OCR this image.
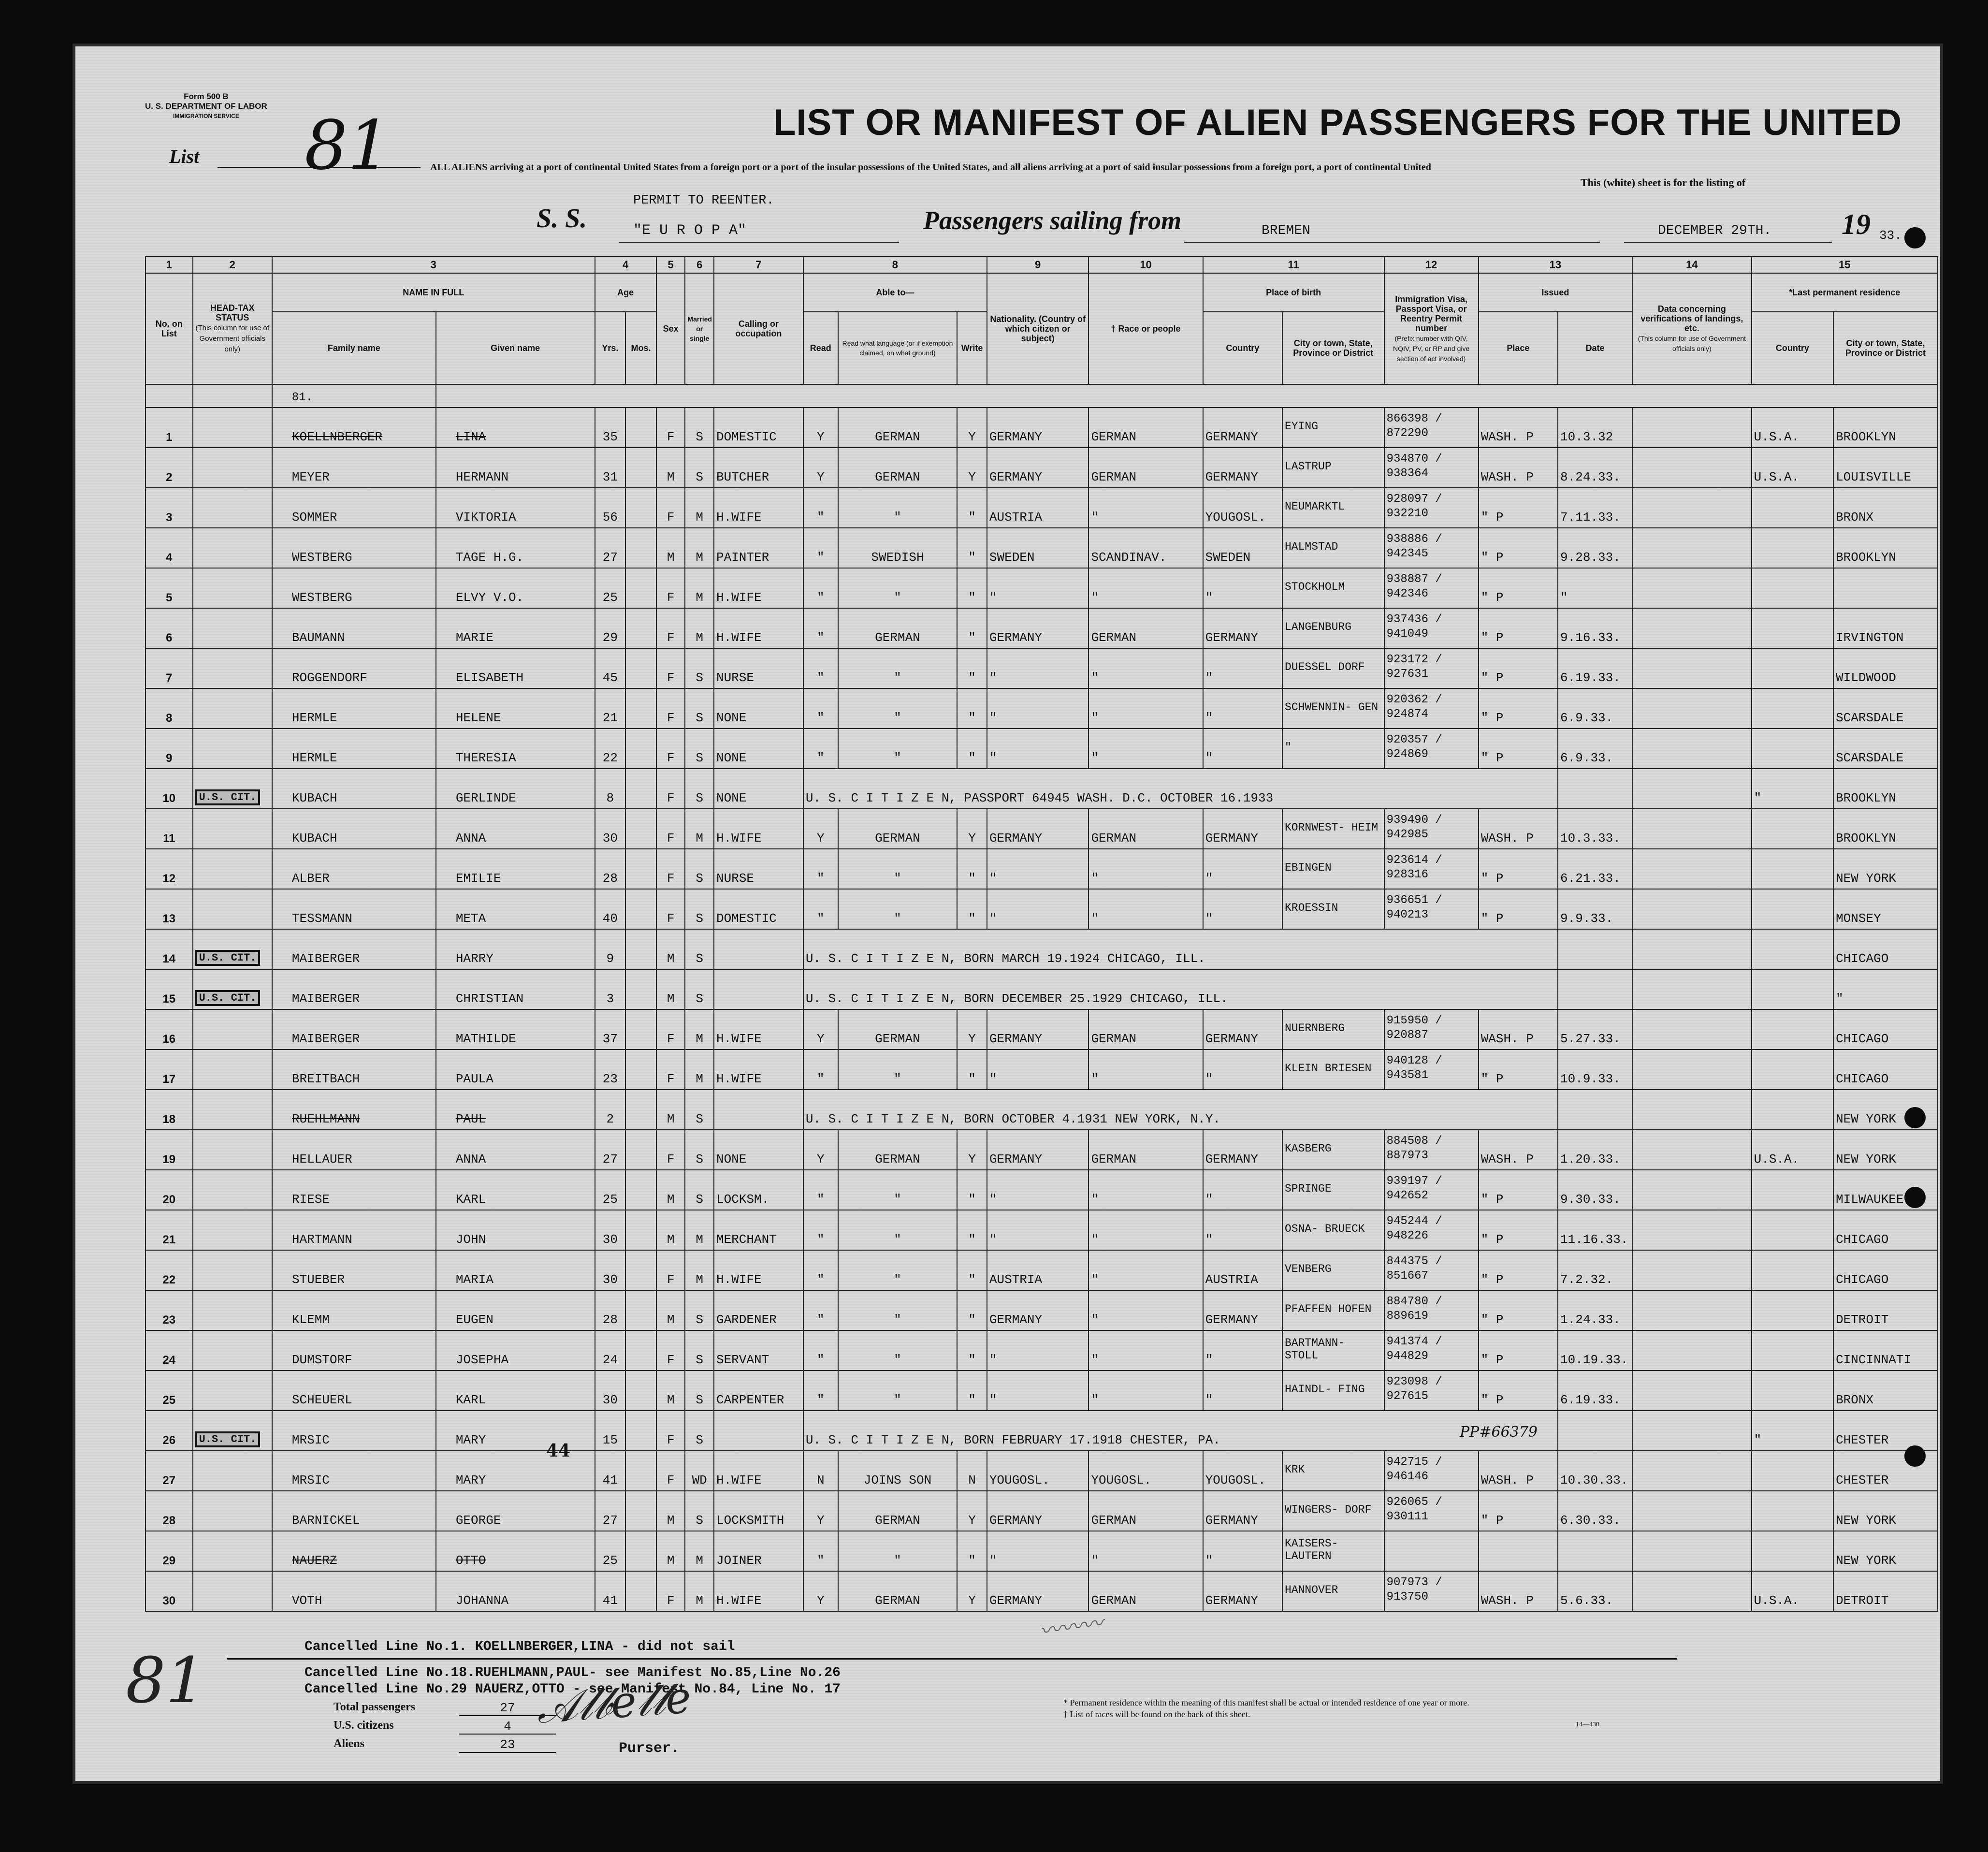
Form 500 B
U. S. DEPARTMENT OF LABOR
IMMIGRATION SERVICE
List 81	LIST OR MANIFEST OF ALIEN PASSENGERS FOR THE UNITED
ALL ALIENS arriving at a port of continental United States from a foreign port or a port of the insular possessions of the United States, and all aliens arriving at a port of said insular possessions from a foreign port, a port of continental United
This (white) sheet is for the listing of
S. S.
PERMIT TO REENTER.
"E U R O P A"	Passengers sailing from	BREMEN	DECEMBER 29TH. 19 33.
1	2	3		4		5	6	7	8			9	10	11		12	13		14	15	
No. on List	HEAD-TAX STATUS
(This column for use of Government officials only)	NAME IN FULL		Age		Sex	Married or single	Calling or occupation	Able to—			Nationality. (Country of which citizen or subject)	† Race or people	Place of birth		Immigration Visa, Passport Visa, or Reentry Permit number
(Prefix number with QIV, NQIV, PV, or RP and give section of act involved)	Issued		Data concerning verifications of landings, etc.
(This column for use of Government officials only)	*Last permanent residence	
		Family name	Given name	Yrs.	Mos.				Read	Read what language (or if exemption claimed, on what ground)	Write			Country	City or town, State, Province or District		Place	Date		Country	City or town, State, Province or District
		81.																			
1		KOELLNBERGER	LINA	35		F	S	DOMESTIC	Y	GERMAN	Y	GERMANY	GERMAN	GERMANY	EYING	866398 / 872290	WASH. P	10.3.32		U.S.A.	BROOKLYN
2		MEYER	HERMANN	31		M	S	BUTCHER	Y	GERMAN	Y	GERMANY	GERMAN	GERMANY	LASTRUP	934870 / 938364	WASH. P	8.24.33.		U.S.A.	LOUISVILLE
3		SOMMER	VIKTORIA	56		F	M	H.WIFE	"	"	"	AUSTRIA	"	YOUGOSL.	NEUMARKTL	928097 / 932210	" P	7.11.33.			BRONX
4		WESTBERG	TAGE H.G.	27		M	M	PAINTER	"	SWEDISH	"	SWEDEN	SCANDINAV.	SWEDEN	HALMSTAD	938886 / 942345	" P	9.28.33.			BROOKLYN
5		WESTBERG	ELVY V.O.	25		F	M	H.WIFE	"	"	"	"	"	"	STOCKHOLM	938887 / 942346	" P	"			
6		BAUMANN	MARIE	29		F	M	H.WIFE	"	GERMAN	"	GERMANY	GERMAN	GERMANY	LANGENBURG	937436 / 941049	" P	9.16.33.			IRVINGTON
7		ROGGENDORF	ELISABETH	45		F	S	NURSE	"	"	"	"	"	"	DUESSEL DORF	923172 / 927631	" P	6.19.33.			WILDWOOD
8		HERMLE	HELENE	21		F	S	NONE	"	"	"	"	"	"	SCHWENNIN- GEN	920362 / 924874	" P	6.9.33.			SCARSDALE
9		HERMLE	THERESIA	22		F	S	NONE	"	"	"	"	"	"	"	920357 / 924869	" P	6.9.33.			SCARSDALE
10	U.S. CIT.	KUBACH	GERLINDE	8		F	S	NONE	U. S. C I T I Z E N, PASSPORT 64945 WASH. D.C. OCTOBER 16.1933											"	BROOKLYN
11		KUBACH	ANNA	30		F	M	H.WIFE	Y	GERMAN	Y	GERMANY	GERMAN	GERMANY	KORNWEST- HEIM	939490 / 942985	WASH. P	10.3.33.			BROOKLYN
12		ALBER	EMILIE	28		F	S	NURSE	"	"	"	"	"	"	EBINGEN	923614 / 928316	" P	6.21.33.			NEW YORK
13		TESSMANN	META	40		F	S	DOMESTIC	"	"	"	"	"	"	KROESSIN	936651 / 940213	" P	9.9.33.			MONSEY
14	U.S. CIT.	MAIBERGER	HARRY	9		M	S		U. S. C I T I Z E N, BORN MARCH 19.1924 CHICAGO, ILL.												CHICAGO
15	U.S. CIT.	MAIBERGER	CHRISTIAN	3		M	S		U. S. C I T I Z E N, BORN DECEMBER 25.1929 CHICAGO, ILL.												"
16		MAIBERGER	MATHILDE	37		F	M	H.WIFE	Y	GERMAN	Y	GERMANY	GERMAN	GERMANY	NUERNBERG	915950 / 920887	WASH. P	5.27.33.			CHICAGO
17		BREITBACH	PAULA	23		F	M	H.WIFE	"	"	"	"	"	"	KLEIN BRIESEN	940128 / 943581	" P	10.9.33.			CHICAGO
18		RUEHLMANN	PAUL	2		M	S		U. S. C I T I Z E N, BORN OCTOBER 4.1931 NEW YORK, N.Y.												NEW YORK
19		HELLAUER	ANNA	27		F	S	NONE	Y	GERMAN	Y	GERMANY	GERMAN	GERMANY	KASBERG	884508 / 887973	WASH. P	1.20.33.		U.S.A.	NEW YORK
20		RIESE	KARL	25		M	S	LOCKSM.	"	"	"	"	"	"	SPRINGE	939197 / 942652	" P	9.30.33.			MILWAUKEE
21		HARTMANN	JOHN	30		M	M	MERCHANT	"	"	"	"	"	"	OSNA- BRUECK	945244 / 948226	" P	11.16.33.			CHICAGO
22		STUEBER	MARIA	30		F	M	H.WIFE	"	"	"	AUSTRIA	"	AUSTRIA	VENBERG	844375 / 851667	" P	7.2.32.			CHICAGO
23		KLEMM	EUGEN	28		M	S	GARDENER	"	"	"	GERMANY	"	GERMANY	PFAFFEN HOFEN	884780 / 889619	" P	1.24.33.			DETROIT
24		DUMSTORF	JOSEPHA	24		F	S	SERVANT	"	"	"	"	"	"	BARTMANN- STOLL	941374 / 944829	" P	10.19.33.			CINCINNATI
25		SCHEUERL	KARL	30		M	S	CARPENTER	"	"	"	"	"	"	HAINDL- FING	923098 / 927615	" P	6.19.33.			BRONX
26	U.S. CIT.	MRSIC	MARY	15		F	S		U. S. C I T I Z E N, BORN FEBRUARY 17.1918 CHESTER, PA.											"	CHESTER
27		MRSIC	MARY	41		F	WD	H.WIFE	N	JOINS SON	N	YOUGOSL.	YOUGOSL.	YOUGOSL.	KRK	942715 / 946146	WASH. P	10.30.33.			CHESTER
28		BARNICKEL	GEORGE	27		M	S	LOCKSMITH	Y	GERMAN	Y	GERMANY	GERMAN	GERMANY	WINGERS- DORF	926065 / 930111	" P	6.30.33.			NEW YORK
29		NAUERZ	OTTO	25		M	M	JOINER	"	"	"	"	"	"	KAISERS- LAUTERN						NEW YORK
30		VOTH	JOHANNA	41		F	M	H.WIFE	Y	GERMAN	Y	GERMANY	GERMAN	GERMANY	HANNOVER	907973 / 913750	WASH. P	5.6.33.		U.S.A.	DETROIT
44
PP#66379
Cancelled Line No.1. KOELLNBERGER,LINA - did not sail
Cancelled Line No.18.RUEHLMANN,PAUL- see Manifest No.85,Line No.26
Cancelled Line No.29 NAUERZ,OTTO - see Manifest No.84, Line No. 17
Total passengers	27
U.S. citizens	4
Aliens	23	Purser.
𝒜𝓁𝒷𝑒𝓁𝓁𝑒
〰〰〰
81	* Permanent residence within the meaning of this manifest shall be actual or intended residence of one year or more.
† List of races will be found on the back of this sheet.
14—430
